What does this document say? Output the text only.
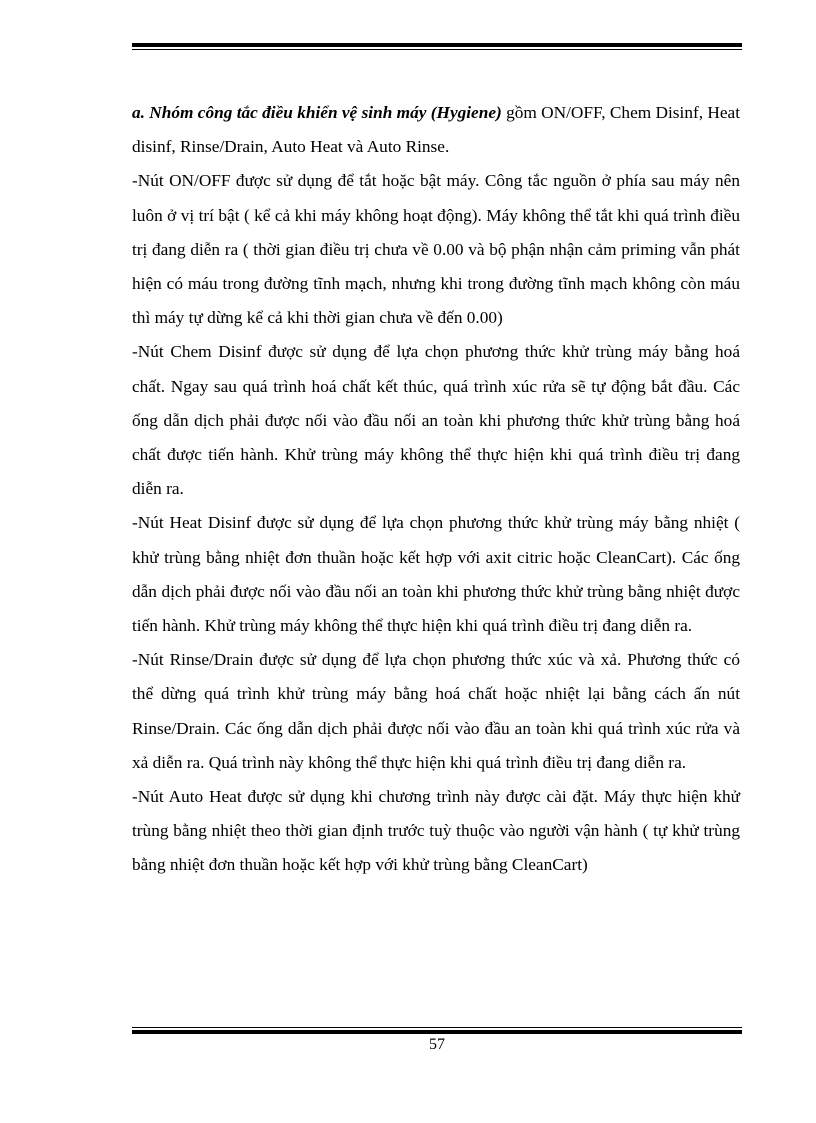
a. Nhóm công tắc điều khiển vệ sinh máy (Hygiene) gồm ON/OFF, Chem Disinf, Heat disinf, Rinse/Drain, Auto Heat và Auto Rinse.

-Nút ON/OFF được sử dụng để tắt hoặc bật máy. Công tắc nguồn ở phía sau máy nên luôn ở vị trí bật ( kể cả khi máy không hoạt động). Máy không thể tắt khi quá trình điều trị đang diễn ra ( thời gian điều trị chưa về 0.00 và bộ phận nhận cảm priming vẫn phát hiện có máu trong đường tĩnh mạch, nhưng khi trong đường tĩnh mạch không còn máu thì máy tự dừng kể cả khi thời gian chưa về đến 0.00)

-Nút Chem Disinf được sử dụng để lựa chọn phương thức khử trùng máy bằng hoá chất. Ngay sau quá trình hoá chất kết thúc, quá trình xúc rửa sẽ tự động bắt đầu. Các ống dẫn dịch phải được nối vào đầu nối an toàn khi phương thức khử trùng bằng hoá chất được tiến hành. Khử trùng máy không thể thực hiện khi quá trình điều trị đang diễn ra.

-Nút Heat Disinf được sử dụng để lựa chọn phương thức khử trùng máy bằng nhiệt ( khử trùng bằng nhiệt đơn thuần hoặc kết hợp với axit citric hoặc CleanCart). Các ống dẫn dịch phải được nối vào đầu nối an toàn khi phương thức khử trùng bằng nhiệt được tiến hành. Khử trùng máy không thể thực hiện khi quá trình điều trị đang diễn ra.

-Nút Rinse/Drain được sử dụng để lựa chọn phương thức xúc và xả. Phương thức có thể dừng quá trình khử trùng máy bằng hoá chất hoặc nhiệt lại bằng cách ấn nút Rinse/Drain. Các ống dẫn dịch phải được nối vào đầu an toàn khi quá trình xúc rửa và xả diễn ra. Quá trình này không thể thực hiện khi quá trình điều trị đang diễn ra.

-Nút Auto Heat được sử dụng khi chương trình này được cài đặt. Máy thực hiện khử trùng bằng nhiệt theo thời gian định trước tuỳ thuộc vào người vận hành ( tự khử trùng bằng nhiệt đơn thuần hoặc kết hợp với khử trùng bằng CleanCart)

57
